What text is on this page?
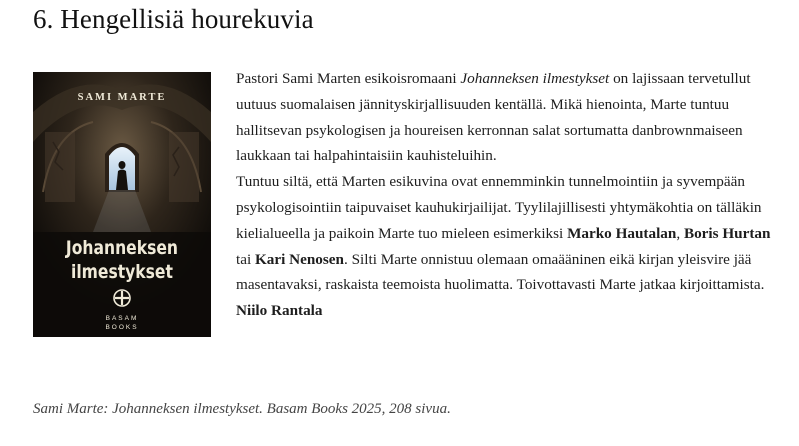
6. Hengellisiä hourekuvia
SAMI MARTE
Johanneksen
ilmestykset
BASAM
BOOKS

Pastori Sami Marten esikoisromaani Johanneksen ilmestykset on lajissaan tervetullut uutuus suomalaisen jännityskirjallisuuden kentällä. Mikä hienointa, Marte tuntuu hallitsevan psykologisen ja houreisen kerronnan salat sortumatta danbrownmaiseen laukkaan tai halpahintaisiin kauhisteluihin.

Tuntuu siltä, että Marten esikuvina ovat ennemminkin tunnelmointiin ja syvempään psykologisointiin taipuvaiset kauhukirjailijat. Tyylilajillisesti yhtymäkohtia on tälläkin kielialueella ja paikoin Marte tuo mieleen esimerkiksi Marko Hautalan, Boris Hurtan tai Kari Nenosen. Silti Marte onnistuu olemaan omaääninen eikä kirjan yleisvire jää masentavaksi, raskaista teemoista huolimatta. Toivottavasti Marte jatkaa kirjoittamista.

Niilo Rantala

Sami Marte: Johanneksen ilmestykset. Basam Books 2025, 208 sivua.
